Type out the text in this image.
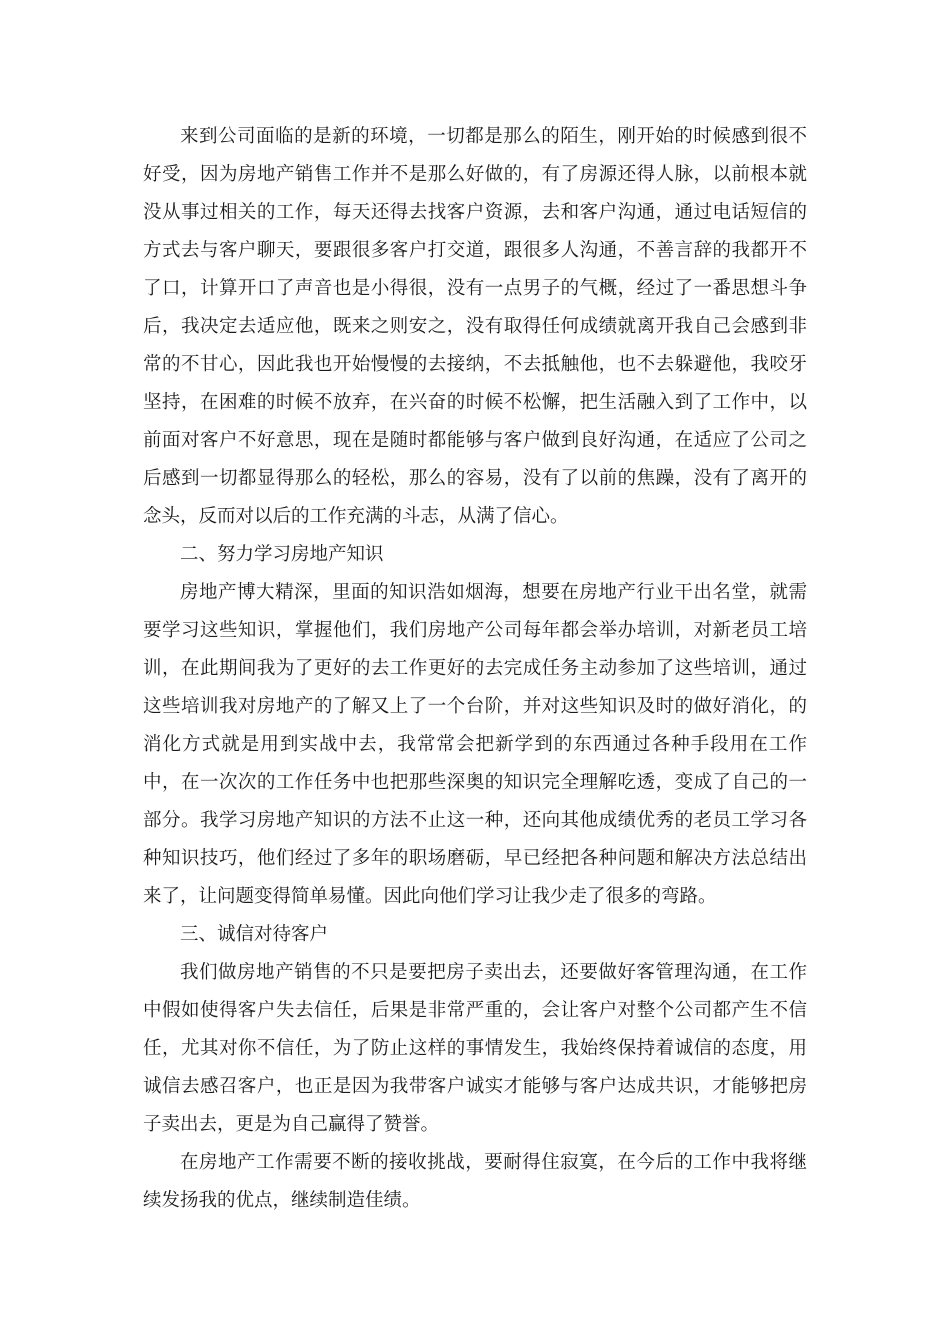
来到公司面临的是新的环境，一切都是那么的陌生，刚开始的时候感到很不好受，因为房地产销售工作并不是那么好做的，有了房源还得人脉，以前根本就没从事过相关的工作，每天还得去找客户资源，去和客户沟通，通过电话短信的方式去与客户聊天，要跟很多客户打交道，跟很多人沟通，不善言辞的我都开不了口，计算开口了声音也是小得很，没有一点男子的气概，经过了一番思想斗争后，我决定去适应他，既来之则安之，没有取得任何成绩就离开我自己会感到非常的不甘心，因此我也开始慢慢的去接纳，不去抵触他，也不去躲避他，我咬牙坚持，在困难的时候不放弃，在兴奋的时候不松懈，把生活融入到了工作中，以前面对客户不好意思，现在是随时都能够与客户做到良好沟通，在适应了公司之后感到一切都显得那么的轻松，那么的容易，没有了以前的焦躁，没有了离开的念头，反而对以后的工作充满的斗志，从满了信心。

二、努力学习房地产知识

房地产博大精深，里面的知识浩如烟海，想要在房地产行业干出名堂，就需要学习这些知识，掌握他们，我们房地产公司每年都会举办培训，对新老员工培训，在此期间我为了更好的去工作更好的去完成任务主动参加了这些培训，通过这些培训我对房地产的了解又上了一个台阶，并对这些知识及时的做好消化，的消化方式就是用到实战中去，我常常会把新学到的东西通过各种手段用在工作中，在一次次的工作任务中也把那些深奥的知识完全理解吃透，变成了自己的一部分。我学习房地产知识的方法不止这一种，还向其他成绩优秀的老员工学习各种知识技巧，他们经过了多年的职场磨砺，早已经把各种问题和解决方法总结出来了，让问题变得简单易懂。因此向他们学习让我少走了很多的弯路。

三、诚信对待客户

我们做房地产销售的不只是要把房子卖出去，还要做好客管理沟通，在工作中假如使得客户失去信任，后果是非常严重的，会让客户对整个公司都产生不信任，尤其对你不信任，为了防止这样的事情发生，我始终保持着诚信的态度，用诚信去感召客户，也正是因为我带客户诚实才能够与客户达成共识，才能够把房子卖出去，更是为自己赢得了赞誉。

在房地产工作需要不断的接收挑战，要耐得住寂寞，在今后的工作中我将继续发扬我的优点，继续制造佳绩。
